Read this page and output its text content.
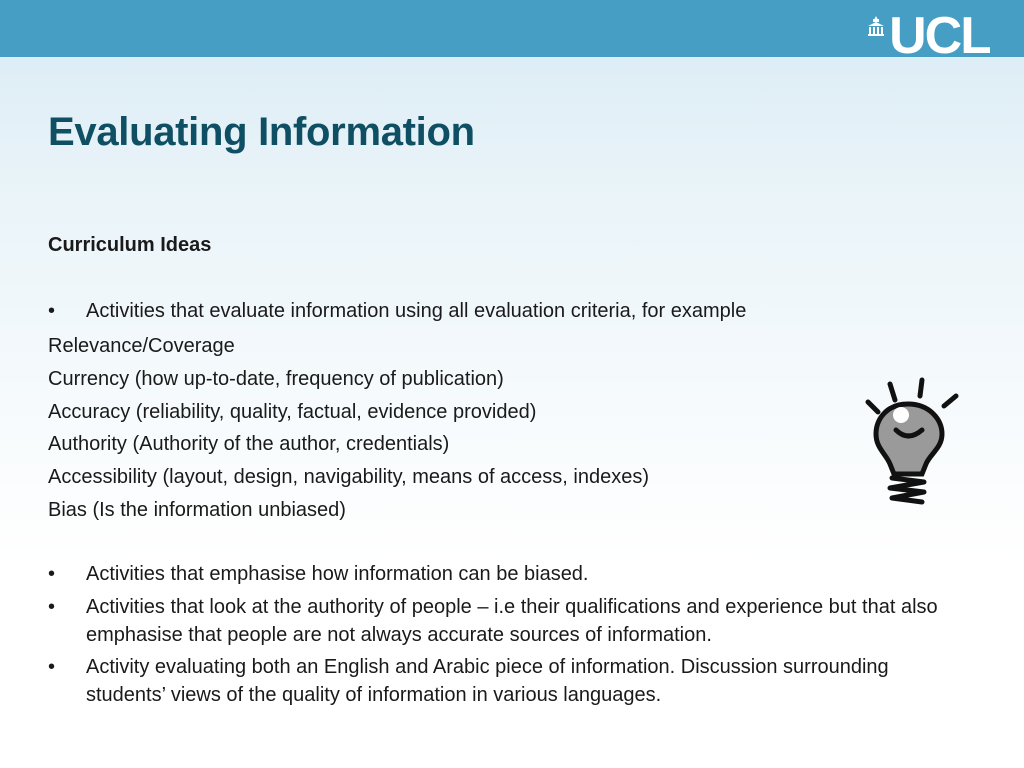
UCL
Evaluating Information
Curriculum Ideas
•	Activities that evaluate information using all evaluation criteria, for example
Relevance/Coverage
Currency (how up-to-date, frequency of publication)
Accuracy (reliability, quality, factual, evidence provided)
Authority (Authority of the author, credentials)
Accessibility (layout, design, navigability, means of access, indexes)
Bias (Is the information unbiased)
•	Activities that emphasise how information can be biased.
•	Activities that look at the authority of people – i.e their qualifications and experience but that also emphasise that people are not always accurate sources of information.
•	Activity evaluating both an English and Arabic piece of information. Discussion surrounding students’ views of the quality of information in various languages.
